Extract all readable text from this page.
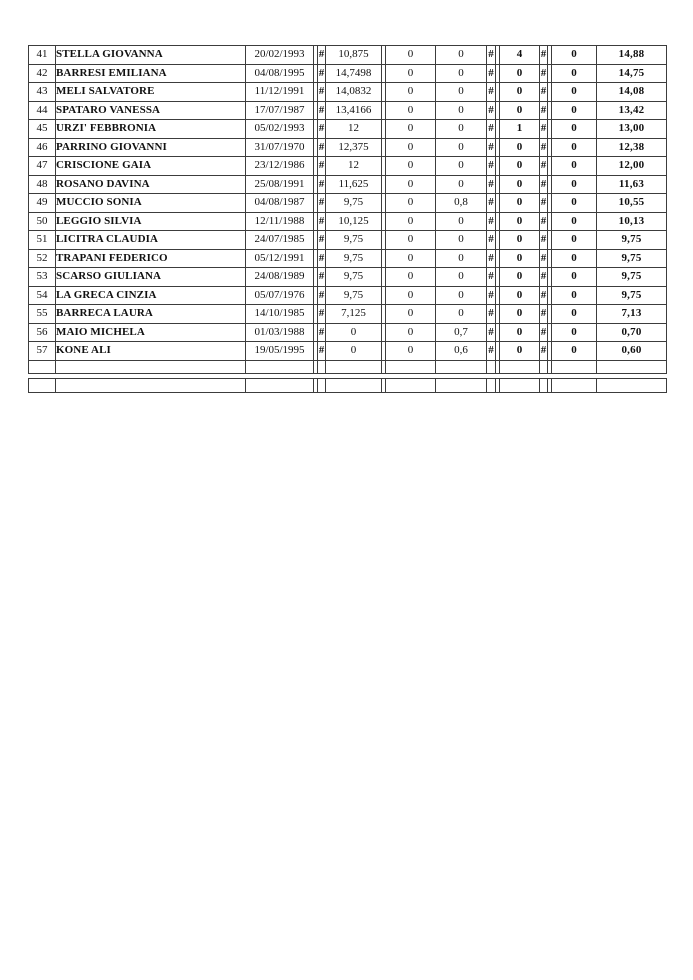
41	STELLA GIOVANNA	20/02/1993		#	10,875		0	0	#		4	#		0	14,88
42	BARRESI EMILIANA	04/08/1995		#	14,7498		0	0	#		0	#		0	14,75
43	MELI SALVATORE	11/12/1991		#	14,0832		0	0	#		0	#		0	14,08
44	SPATARO VANESSA	17/07/1987		#	13,4166		0	0	#		0	#		0	13,42
45	URZI' FEBBRONIA	05/02/1993		#	12		0	0	#		1	#		0	13,00
46	PARRINO GIOVANNI	31/07/1970		#	12,375		0	0	#		0	#		0	12,38
47	CRISCIONE GAIA	23/12/1986		#	12		0	0	#		0	#		0	12,00
48	ROSANO DAVINA	25/08/1991		#	11,625		0	0	#		0	#		0	11,63
49	MUCCIO SONIA	04/08/1987		#	9,75		0	0,8	#		0	#		0	10,55
50	LEGGIO SILVIA	12/11/1988		#	10,125		0	0	#		0	#		0	10,13
51	LICITRA CLAUDIA	24/07/1985		#	9,75		0	0	#		0	#		0	9,75
52	TRAPANI FEDERICO	05/12/1991		#	9,75		0	0	#		0	#		0	9,75
53	SCARSO GIULIANA	24/08/1989		#	9,75		0	0	#		0	#		0	9,75
54	LA GRECA CINZIA	05/07/1976		#	9,75		0	0	#		0	#		0	9,75
55	BARRECA LAURA	14/10/1985		#	7,125		0	0	#		0	#		0	7,13
56	MAIO MICHELA	01/03/1988		#	0		0	0,7	#		0	#		0	0,70
57	KONE ALI	19/05/1995		#	0		0	0,6	#		0	#		0	0,60
